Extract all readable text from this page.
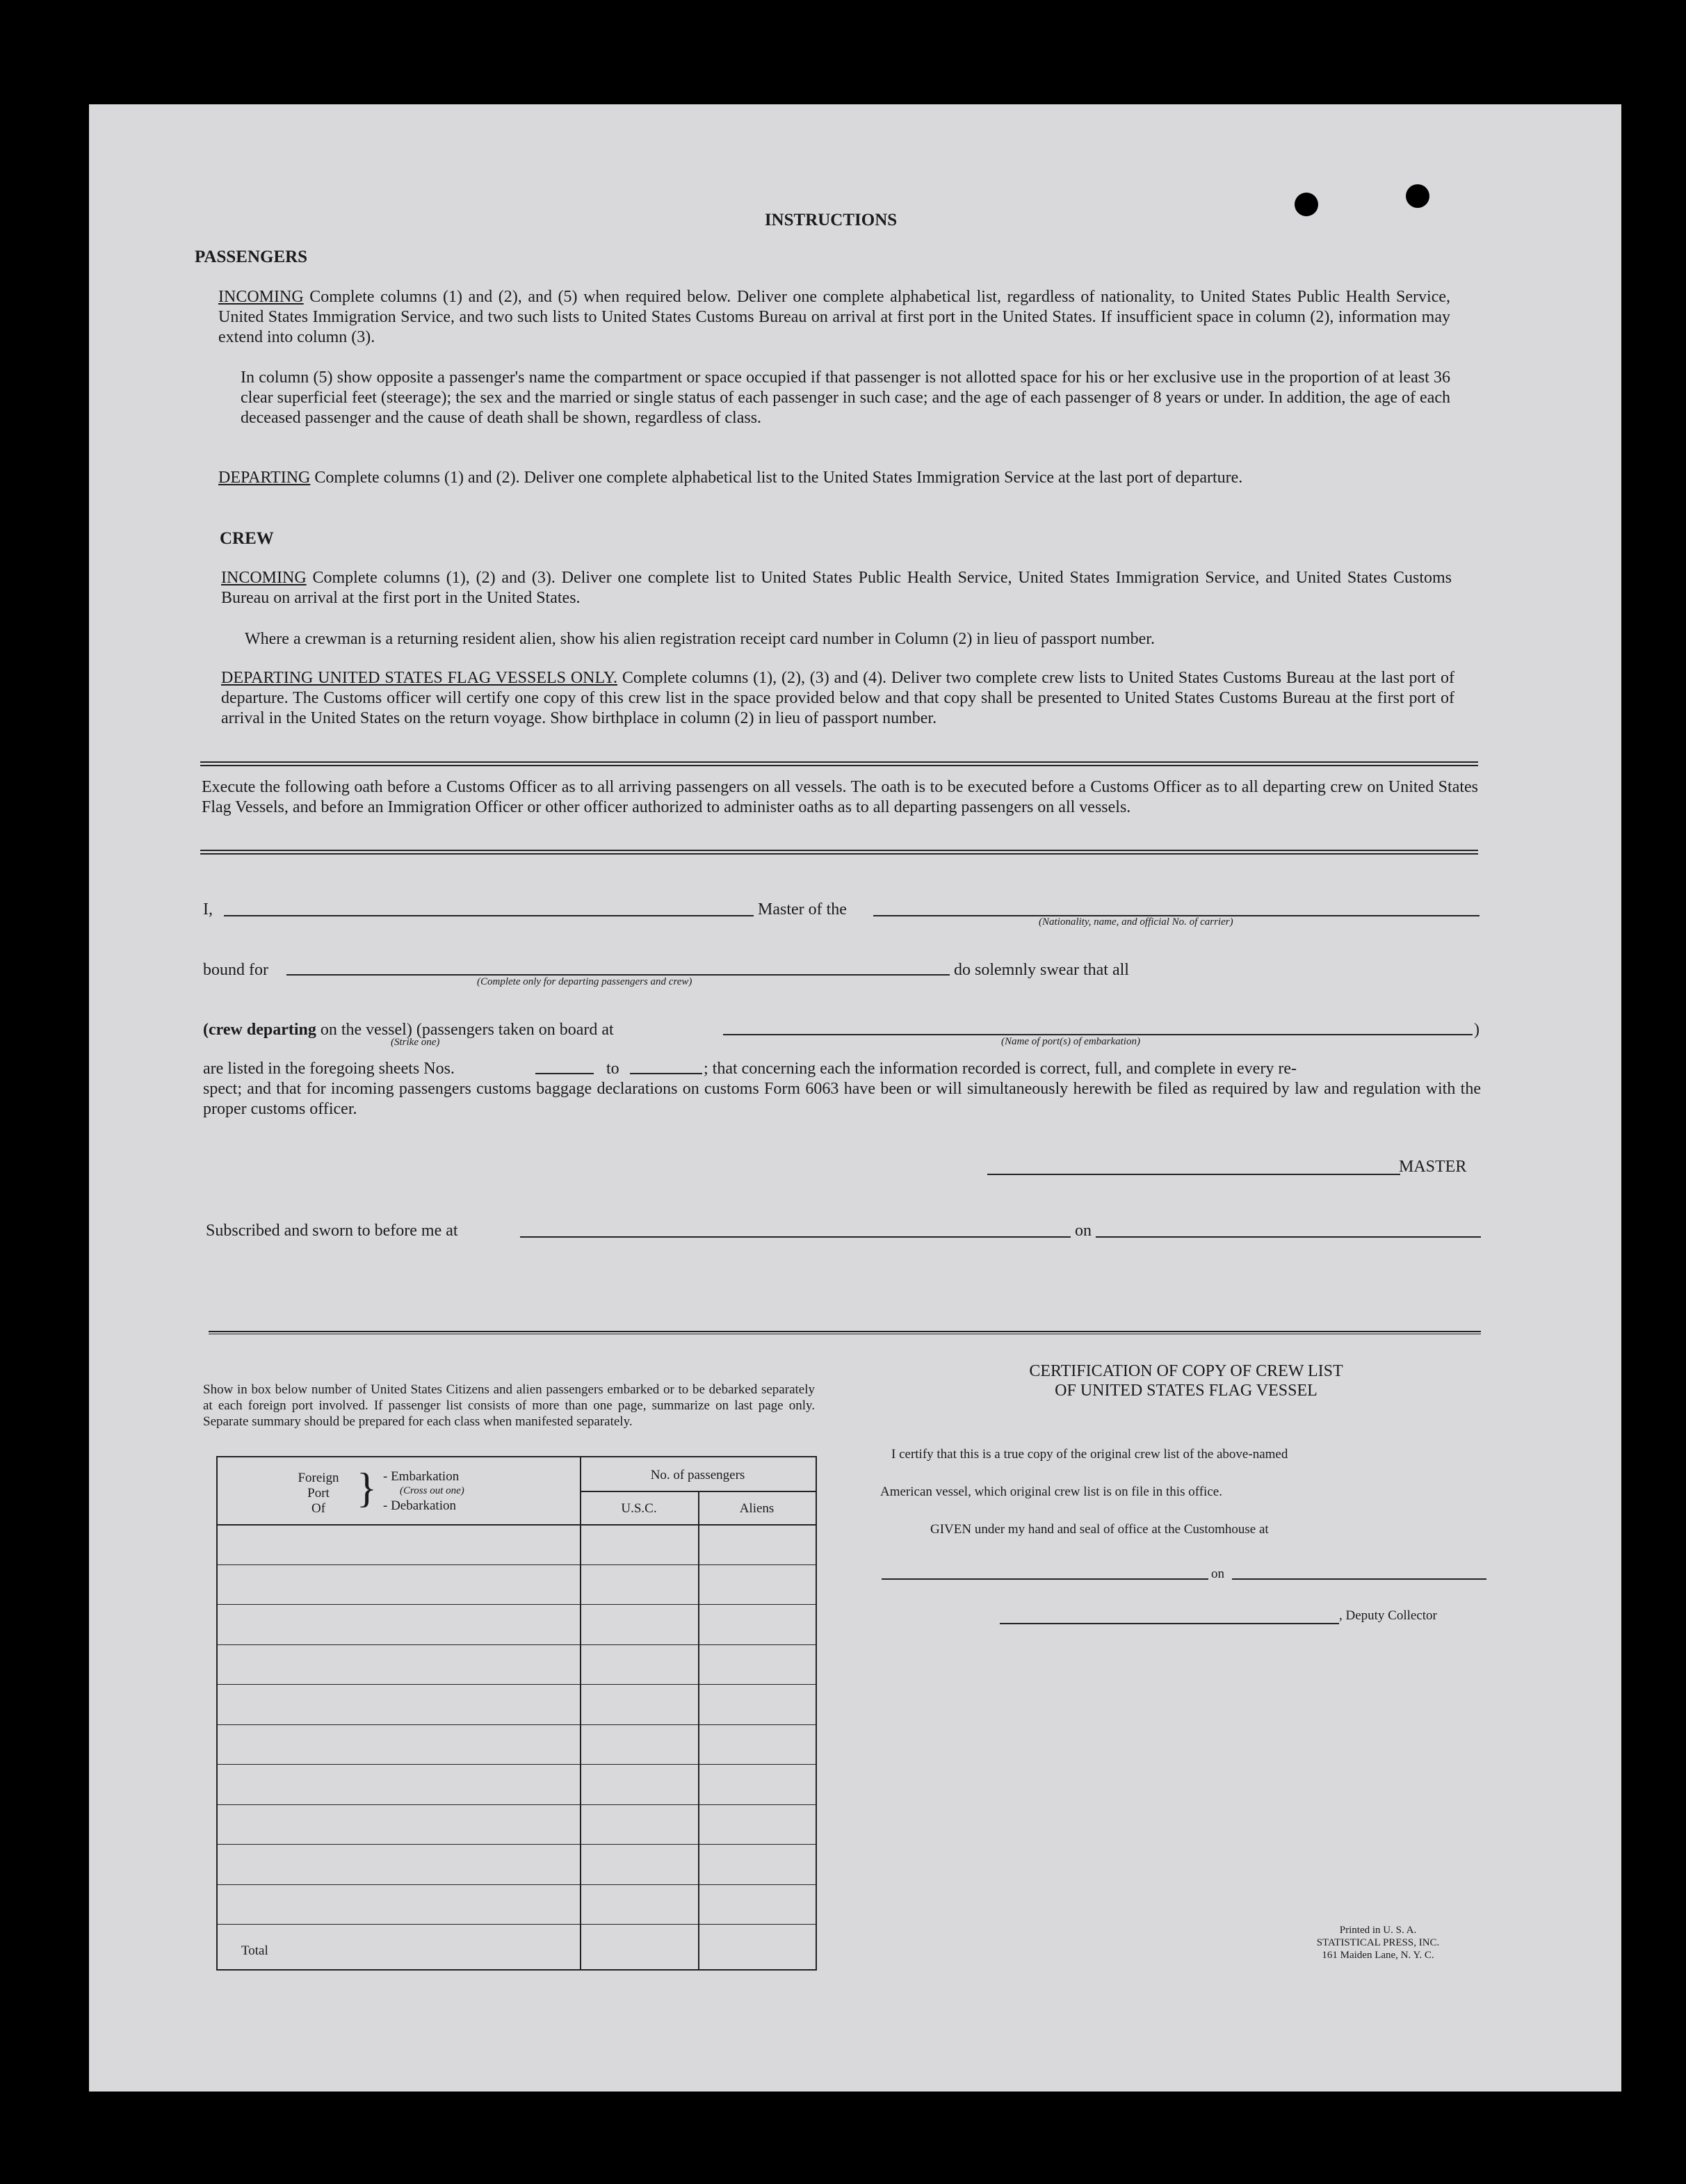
INSTRUCTIONS
PASSENGERS
INCOMING Complete columns (1) and (2), and (5) when required below. Deliver one complete alphabetical list, regardless of nationality, to United States Public Health Service, United States Immigration Service, and two such lists to United States Customs Bureau on arrival at first port in the United States. If insufficient space in column (2), information may extend into column (3).
In column (5) show opposite a passenger's name the compartment or space occupied if that passenger is not allotted space for his or her exclusive use in the proportion of at least 36 clear superficial feet (steerage); the sex and the married or single status of each passenger in such case; and the age of each passenger of 8 years or under. In addition, the age of each deceased passenger and the cause of death shall be shown, regardless of class.
DEPARTING Complete columns (1) and (2). Deliver one complete alphabetical list to the United States Immigration Service at the last port of departure.
CREW
INCOMING Complete columns (1), (2) and (3). Deliver one complete list to United States Public Health Service, United States Immigration Service, and United States Customs Bureau on arrival at the first port in the United States.
Where a crewman is a returning resident alien, show his alien registration receipt card number in Column (2) in lieu of passport number.
DEPARTING UNITED STATES FLAG VESSELS ONLY. Complete columns (1), (2), (3) and (4). Deliver two complete crew lists to United States Customs Bureau at the last port of departure. The Customs officer will certify one copy of this crew list in the space provided below and that copy shall be presented to United States Customs Bureau at the first port of arrival in the United States on the return voyage. Show birthplace in column (2) in lieu of passport number.
Execute the following oath before a Customs Officer as to all arriving passengers on all vessels. The oath is to be executed before a Customs Officer as to all departing crew on United States Flag Vessels, and before an Immigration Officer or other officer authorized to administer oaths as to all departing passengers on all vessels.
I,	Master of the
(Nationality, name, and official No. of carrier)
bound for
(Complete only for departing passengers and crew)
do solemnly swear that all
(crew departing on the vessel) (passengers taken on board at
(Strike one)	(Name of port(s) of embarkation)
)
are listed in the foregoing sheets Nos.	to	; that concerning each the information recorded is correct, full, and complete in every re-
spect; and that for incoming passengers customs baggage declarations on customs Form 6063 have been or will simultaneously herewith be filed as required by law and regulation with the proper customs officer.
MASTER
Subscribed and sworn to before me at	on
Show in box below number of United States Citizens and alien passengers embarked or to be debarked separately at each foreign port involved. If passenger list consists of more than one page, summarize on last page only. Separate summary should be prepared for each class when manifested separately.
Foreign
Port
Of } - Embarkation
(Cross out one)
- Debarkation
No. of passengers
U.S.C.	Aliens
Total
CERTIFICATION OF COPY OF CREW LIST
OF UNITED STATES FLAG VESSEL
I certify that this is a true copy of the original crew list of the above-named
American vessel, which original crew list is on file in this office.
GIVEN under my hand and seal of office at the Customhouse at
on
, Deputy Collector
Printed in U. S. A.
STATISTICAL PRESS, INC.
161 Maiden Lane, N. Y. C.
